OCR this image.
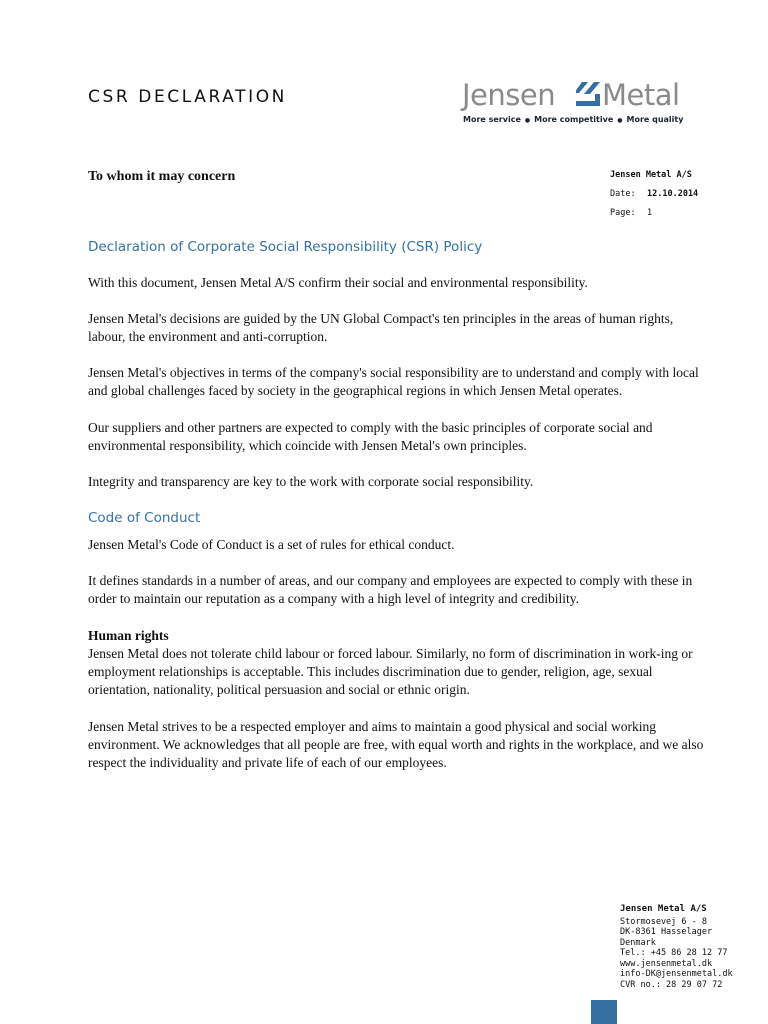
CSR DECLARATION	Jensen Metal
More service ● More competitive ● More quality
To whom it may concern	Jensen Metal A/S
Date: 12.10.2014
Page: 1
Declaration of Corporate Social Responsibility (CSR) Policy
With this document, Jensen Metal A/S confirm their social and environmental responsibility.
Jensen Metal's decisions are guided by the UN Global Compact's ten principles in the areas of human rights, labour, the environment and anti-corruption.
Jensen Metal's objectives in terms of the company's social responsibility are to understand and comply with local and global challenges faced by society in the geographical regions in which Jensen Metal operates.
Our suppliers and other partners are expected to comply with the basic principles of corporate social and environmental responsibility, which coincide with Jensen Metal's own principles.
Integrity and transparency are key to the work with corporate social responsibility.
Code of Conduct
Jensen Metal's Code of Conduct is a set of rules for ethical conduct.
It defines standards in a number of areas, and our company and employees are expected to comply with these in order to maintain our reputation as a company with a high level of integrity and credibility.
Human rights
Jensen Metal does not tolerate child labour or forced labour. Similarly, no form of discrimination in work-ing or employment relationships is acceptable. This includes discrimination due to gender, religion, age, sexual orientation, nationality, political persuasion and social or ethnic origin.
Jensen Metal strives to be a respected employer and aims to maintain a good physical and social working environment. We acknowledges that all people are free, with equal worth and rights in the workplace, and we also respect the individuality and private life of each of our employees.
Jensen Metal A/S
Stormosevej 6 - 8
DK-8361 Hasselager
Denmark
Tel.: +45 86 28 12 77
www.jensenmetal.dk
info-DK@jensenmetal.dk
CVR no.: 28 29 07 72
